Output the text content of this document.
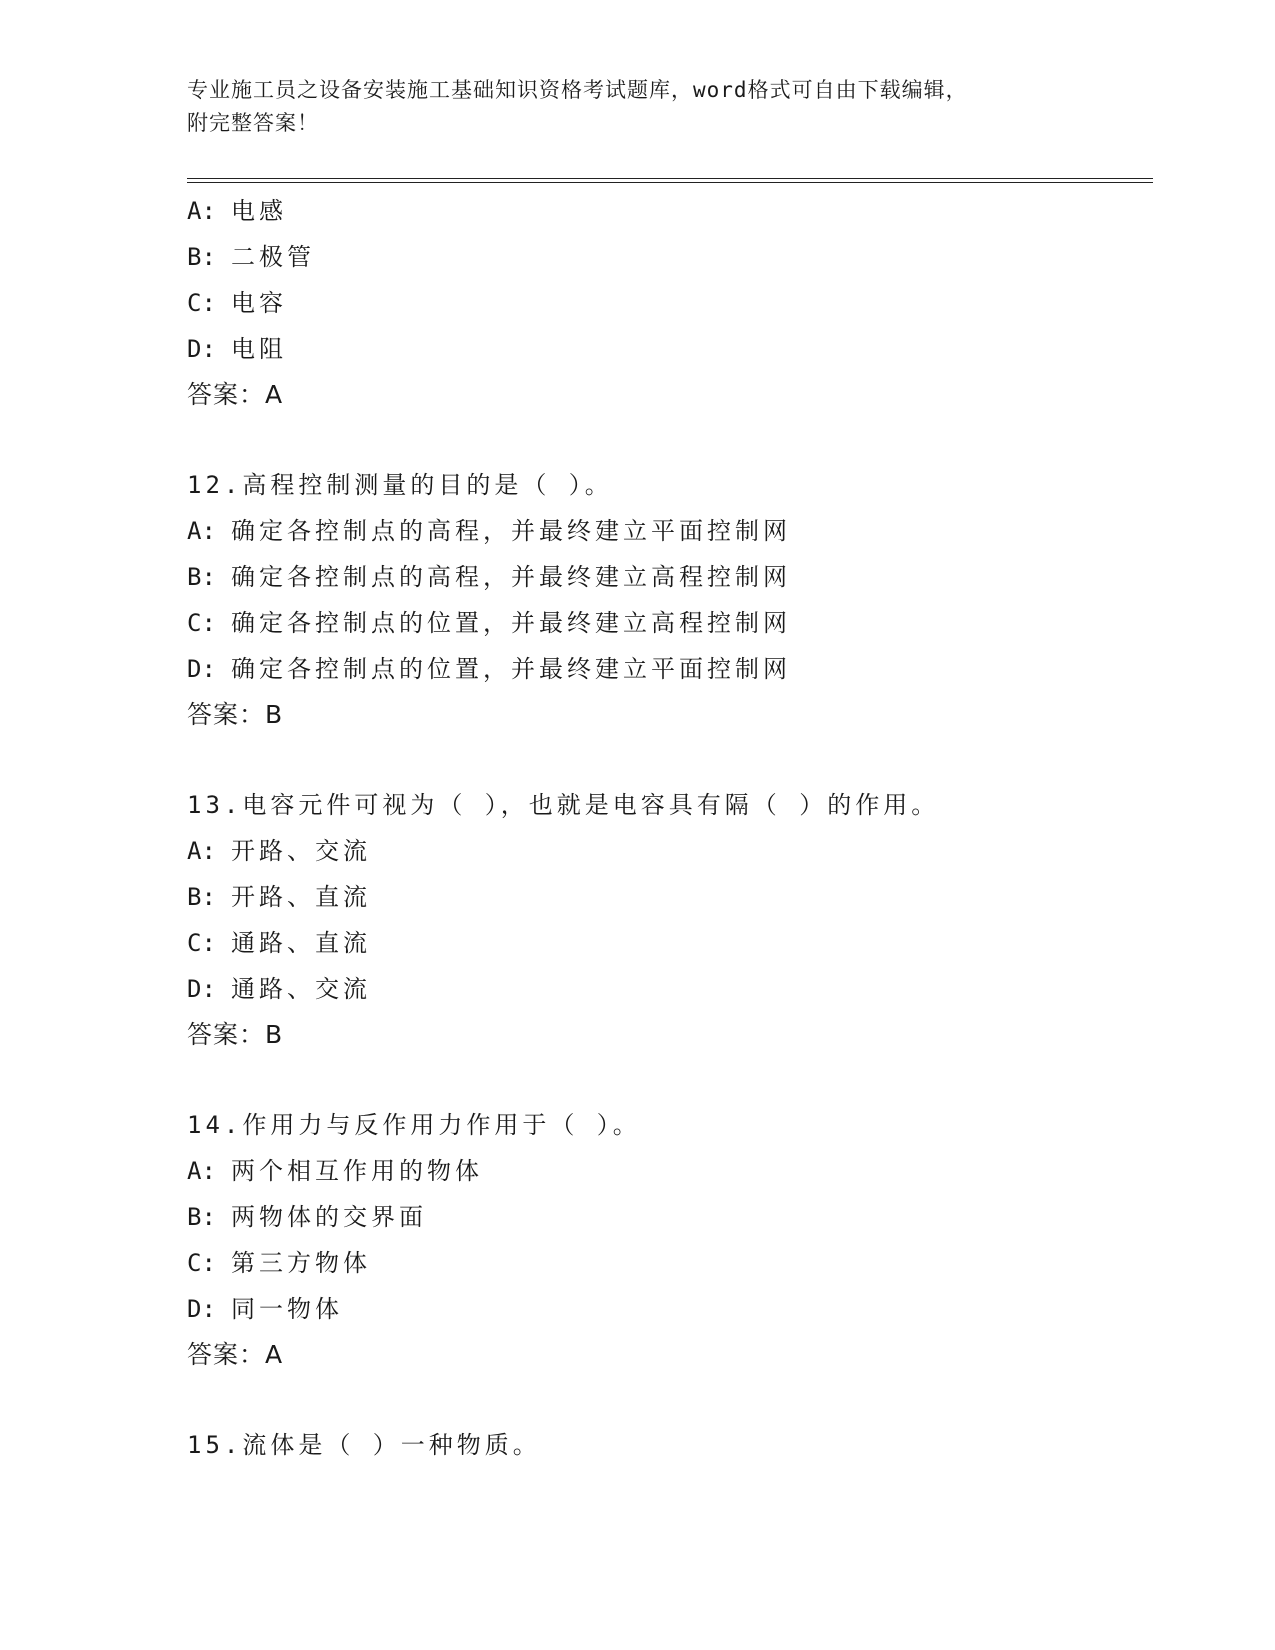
专业施工员之设备安装施工基础知识资格考试题库，word格式可自由下载编辑，
附完整答案！
A: 电感
B: 二极管
C: 电容
D: 电阻
答案：A
12.高程控制测量的目的是（ ）。
A: 确定各控制点的高程，并最终建立平面控制网
B: 确定各控制点的高程，并最终建立高程控制网
C: 确定各控制点的位置，并最终建立高程控制网
D: 确定各控制点的位置，并最终建立平面控制网
答案：B
13.电容元件可视为（ ），也就是电容具有隔（ ）的作用。
A: 开路、交流
B: 开路、直流
C: 通路、直流
D: 通路、交流
答案：B
14.作用力与反作用力作用于（ ）。
A: 两个相互作用的物体
B: 两物体的交界面
C: 第三方物体
D: 同一物体
答案：A
15.流体是（ ）一种物质。
